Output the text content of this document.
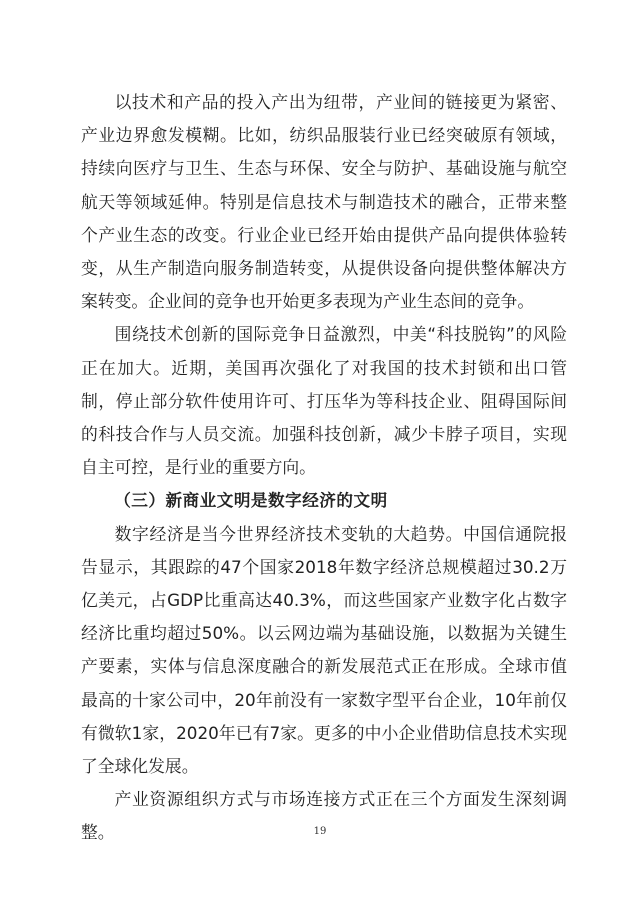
以技术和产品的投入产出为纽带，产业间的链接更为紧密、产业边界愈发模糊。比如，纺织品服装行业已经突破原有领域，持续向医疗与卫生、生态与环保、安全与防护、基础设施与航空航天等领域延伸。特别是信息技术与制造技术的融合，正带来整个产业生态的改变。行业企业已经开始由提供产品向提供体验转变，从生产制造向服务制造转变，从提供设备向提供整体解决方案转变。企业间的竞争也开始更多表现为产业生态间的竞争。

围绕技术创新的国际竞争日益激烈，中美“科技脱钩”的风险正在加大。近期，美国再次强化了对我国的技术封锁和出口管制，停止部分软件使用许可、打压华为等科技企业、阻碍国际间的科技合作与人员交流。加强科技创新，减少卡脖子项目，实现自主可控，是行业的重要方向。

（三）新商业文明是数字经济的文明

数字经济是当今世界经济技术变轨的大趋势。中国信通院报告显示，其跟踪的47个国家2018年数字经济总规模超过30.2万亿美元，占GDP比重高达40.3%，而这些国家产业数字化占数字经济比重均超过50%。以云网边端为基础设施，以数据为关键生产要素，实体与信息深度融合的新发展范式正在形成。全球市值最高的十家公司中，20年前没有一家数字型平台企业，10年前仅有微软1家，2020年已有7家。更多的中小企业借助信息技术实现了全球化发展。

产业资源组织方式与市场连接方式正在三个方面发生深刻调整。	19
